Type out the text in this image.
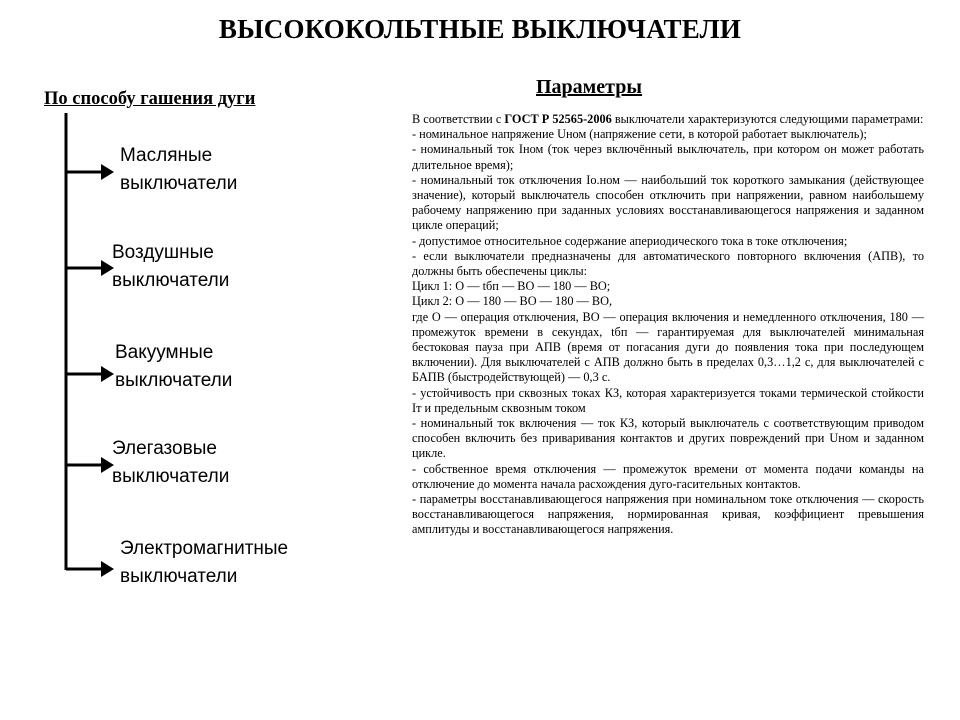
ВЫСОКОКОЛЬТНЫЕ ВЫКЛЮЧАТЕЛИ
По способу гашения дуги
Масляные
выключатели
Воздушные
выключатели
Вакуумные
выключатели
Элегазовые
выключатели
Электромагнитные
выключатели
Параметры

В соответствии с ГОСТ Р 52565-2006 выключатели характеризуются следующими параметрами:

- номинальное напряжение Uном (напряжение сети, в которой работает выключатель);

- номинальный ток Iном (ток через включённый выключатель, при котором он может работать длительное время);

- номинальный ток отключения Iо.ном — наибольший ток короткого замыкания (действующее значение), который выключатель способен отключить при напряжении, равном наибольшему рабочему напряжению при заданных условиях восстанавливающегося напряжения и заданном цикле операций;

- допустимое относительное содержание апериодического тока в токе отключения;

- если выключатели предназначены для автоматического повторного включения (АПВ), то должны быть обеспечены циклы:

Цикл 1: О — tбп — ВО — 180 — ВО;

Цикл 2: О — 180 — ВО — 180 — ВО,

где О — операция отключения, ВО — операция включения и немедленного отключения, 180 — промежуток времени в секундах, tбп — гарантируемая для выключателей минимальная бестоковая пауза при АПВ (время от погасания дуги до появления тока при последующем включении). Для выключателей с АПВ должно быть в пределах 0,3…1,2 с, для выключателей с БАПВ (быстродействующей) — 0,3 с.

- устойчивость при сквозных токах КЗ, которая характеризуется токами термической стойкости Iт и предельным сквозным током

- номинальный ток включения — ток КЗ, который выключатель с соответствующим приводом способен включить без приваривания контактов и других повреждений при Uном и заданном цикле.

- собственное время отключения — промежуток времени от момента подачи команды на отключение до момента начала расхождения дуго-гасительных контактов.

- параметры восстанавливающегося напряжения при номинальном токе отключения — скорость восстанавливающегося напряжения, нормированная кривая, коэффициент превышения амплитуды и восстанавливающегося напряжения.
